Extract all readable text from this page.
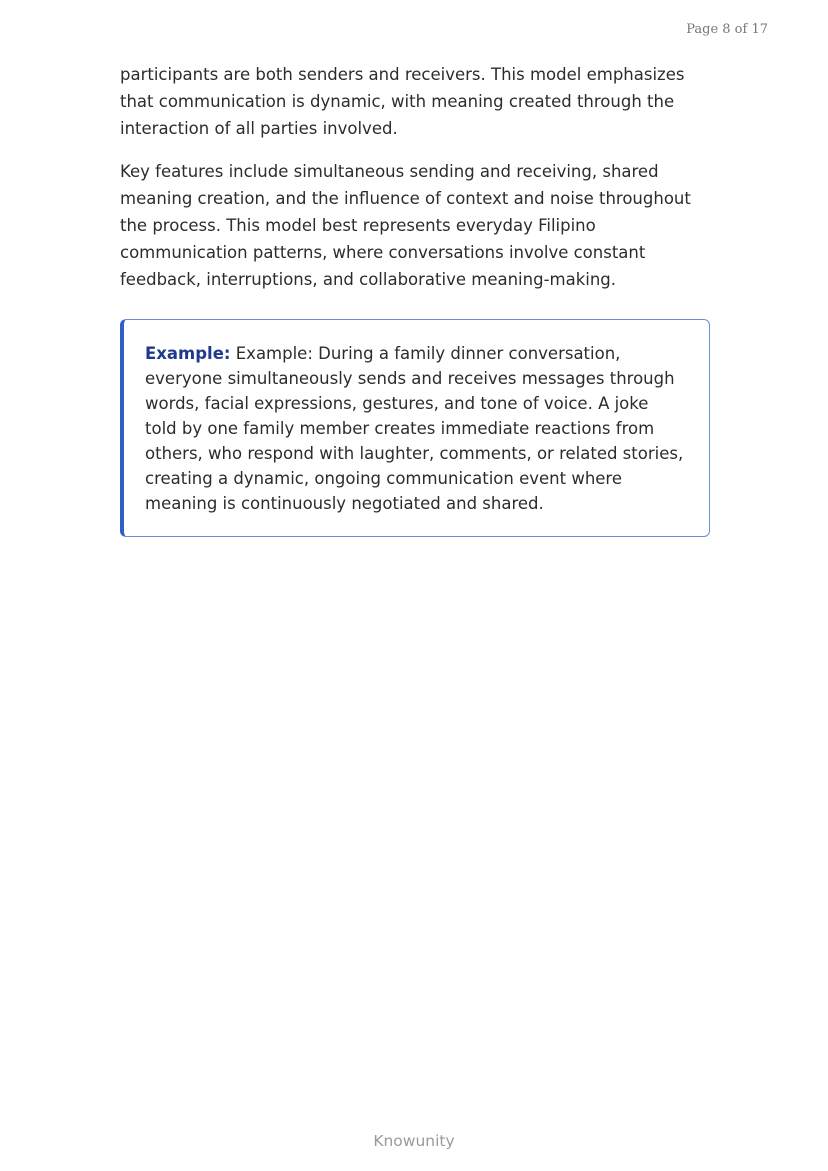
Page 8 of 17

participants are both senders and receivers. This model emphasizes that communication is dynamic, with meaning created through the interaction of all parties involved.

Key features include simultaneous sending and receiving, shared meaning creation, and the influence of context and noise throughout the process. This model best represents everyday Filipino communication patterns, where conversations involve constant feedback, interruptions, and collaborative meaning-making.

Example: Example: During a family dinner conversation, everyone simultaneously sends and receives messages through words, facial expressions, gestures, and tone of voice. A joke told by one family member creates immediate reactions from others, who respond with laughter, comments, or related stories, creating a dynamic, ongoing communication event where meaning is continuously negotiated and shared.

Knowunity
